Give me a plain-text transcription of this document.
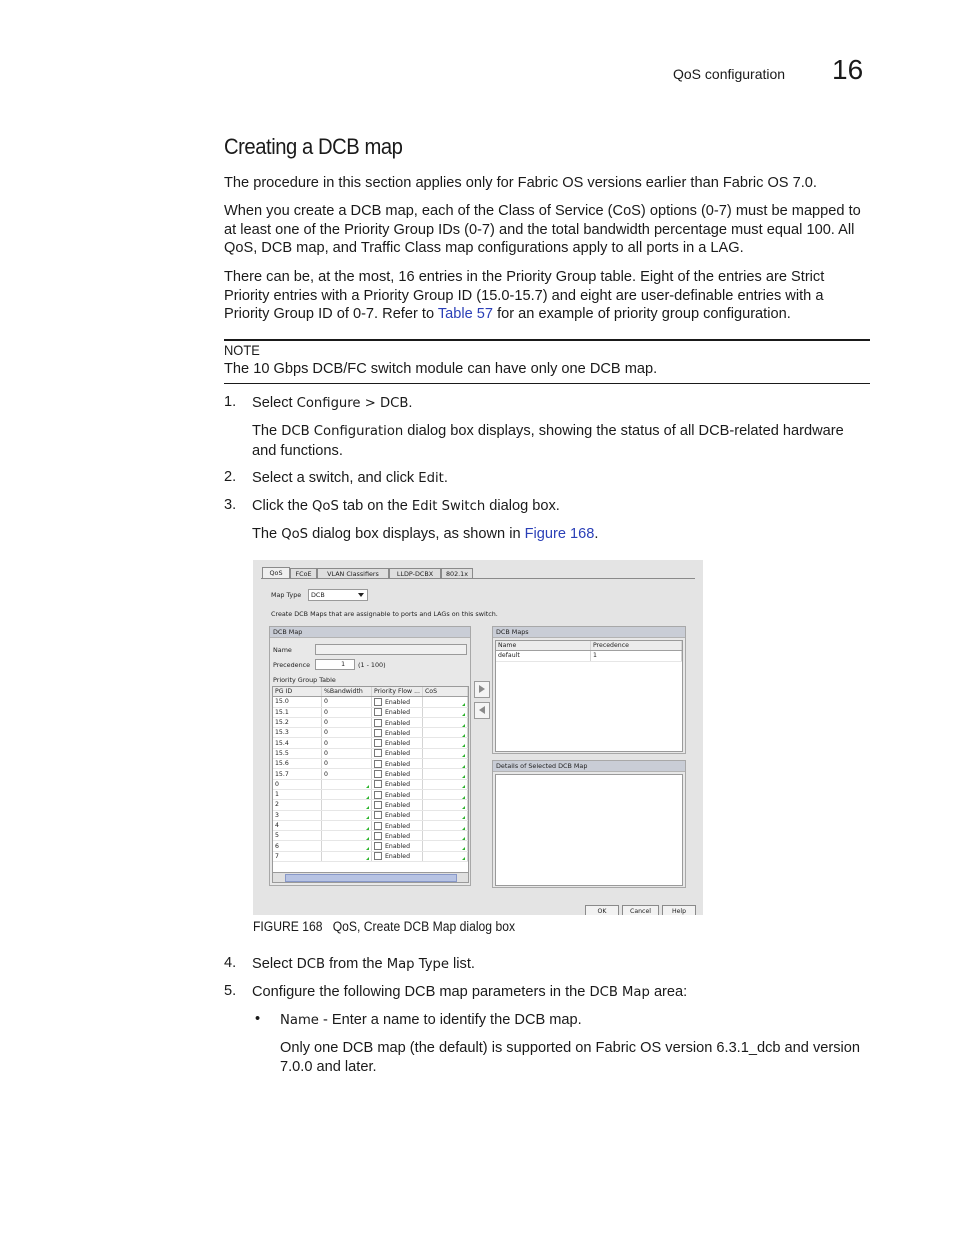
QoS configuration 16
Creating a DCB map
The procedure in this section applies only for Fabric OS versions earlier than Fabric OS 7.0.
When you create a DCB map, each of the Class of Service (CoS) options (0-7) must be mapped to at least one of the Priority Group IDs (0-7) and the total bandwidth percentage must equal 100. All QoS, DCB map, and Traffic Class map configurations apply to all ports in a LAG.
There can be, at the most, 16 entries in the Priority Group table. Eight of the entries are Strict Priority entries with a Priority Group ID (15.0-15.7) and eight are user-definable entries with a Priority Group ID of 0-7. Refer to Table 57 for an example of priority group configuration.
NOTE
The 10 Gbps DCB/FC switch module can have only one DCB map.
1. Select Configure > DCB.
The DCB Configuration dialog box displays, showing the status of all DCB-related hardware and functions.
2. Select a switch, and click Edit.
3. Click the QoS tab on the Edit Switch dialog box.
The QoS dialog box displays, as shown in Figure 168.
QoS	FCoE	VLAN Classifiers	LLDP-DCBX	802.1x
Map Type	DCB
Create DCB Maps that are assignable to ports and LAGs on this switch.
DCB Map
Name
Precedence	1	(1 - 100)
Priority Group Table
PG ID	%Bandwidth	Priority Flow ...	CoS
15.0	0	Enabled	

15.1	0	Enabled	

15.2	0	Enabled	

15.3	0	Enabled	

15.4	0	Enabled	

15.5	0	Enabled	

15.6	0	Enabled	

15.7	0	Enabled	

0		Enabled	

1		Enabled	

2		Enabled	

3		Enabled	

4		Enabled	

5		Enabled	

6		Enabled	

7		Enabled	
DCB Maps
Name	Precedence
default	1
Details of Selected DCB Map
OK	Cancel	Help
FIGURE 168 QoS, Create DCB Map dialog box
4. Select DCB from the Map Type list.
5. Configure the following DCB map parameters in the DCB Map area:
• Name - Enter a name to identify the DCB map.
Only one DCB map (the default) is supported on Fabric OS version 6.3.1_dcb and version 7.0.0 and later.
